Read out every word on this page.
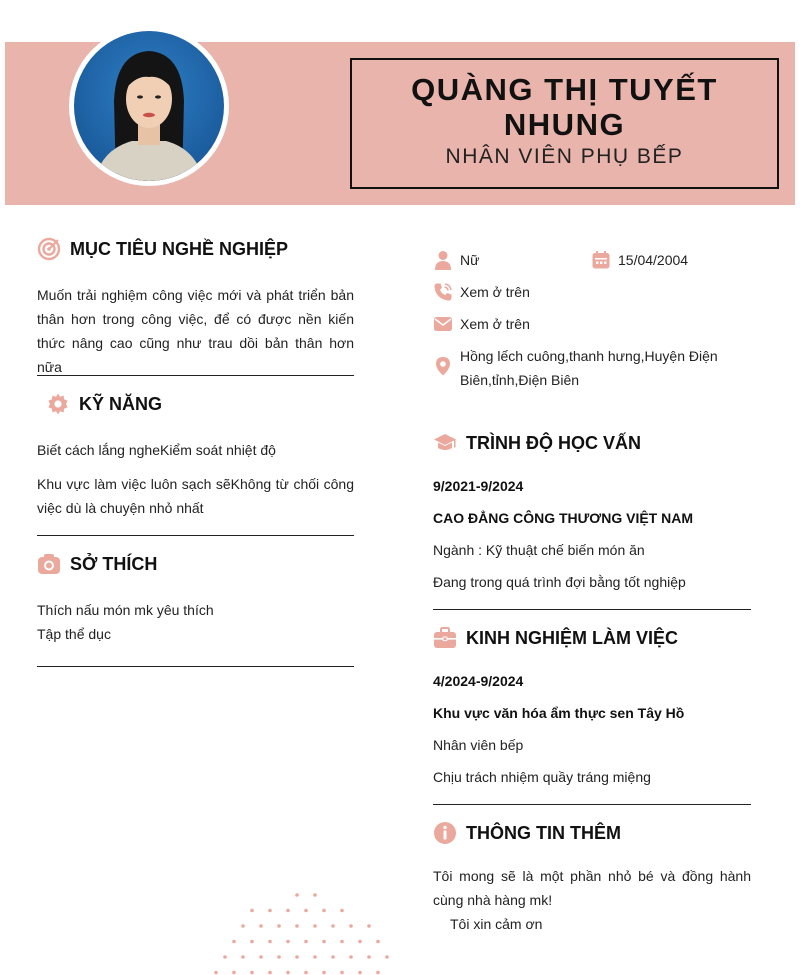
QUÀNG THỊ TUYẾT NHUNG
NHÂN VIÊN PHỤ BẾP
MỤC TIÊU NGHỀ NGHIỆP
Muốn trải nghiệm công việc mới và phát triển bản thân hơn trong công việc, để có được nền kiến thức nâng cao cũng như trau dồi bản thân hơn nữa
KỸ NĂNG
Biết cách lắng ngheKiểm soát nhiệt độ
Khu vực làm việc luôn sạch sẽKhông từ chối công việc dù là chuyện nhỏ nhất
SỞ THÍCH
Thích nấu món mk yêu thích
Tập thể dục
Nữ	15/04/2004
Xem ở trên
Xem ở trên
Hồng lếch cuông,thanh hưng,Huyện Điện Biên,tỉnh,Điện Biên
TRÌNH ĐỘ HỌC VẤN
9/2021-9/2024
CAO ĐẲNG CÔNG THƯƠNG VIỆT NAM
Ngành : Kỹ thuật chế biến món ăn
Đang trong quá trình đợi bằng tốt nghiệp
KINH NGHIỆM LÀM VIỆC
4/2024-9/2024
Khu vực văn hóa ẩm thực sen Tây Hồ
Nhân viên bếp
Chịu trách nhiệm quầy tráng miệng
THÔNG TIN THÊM
Tôi mong sẽ là một phần nhỏ bé và đồng hành cùng nhà hàng mk!
Tôi xin cảm ơn
